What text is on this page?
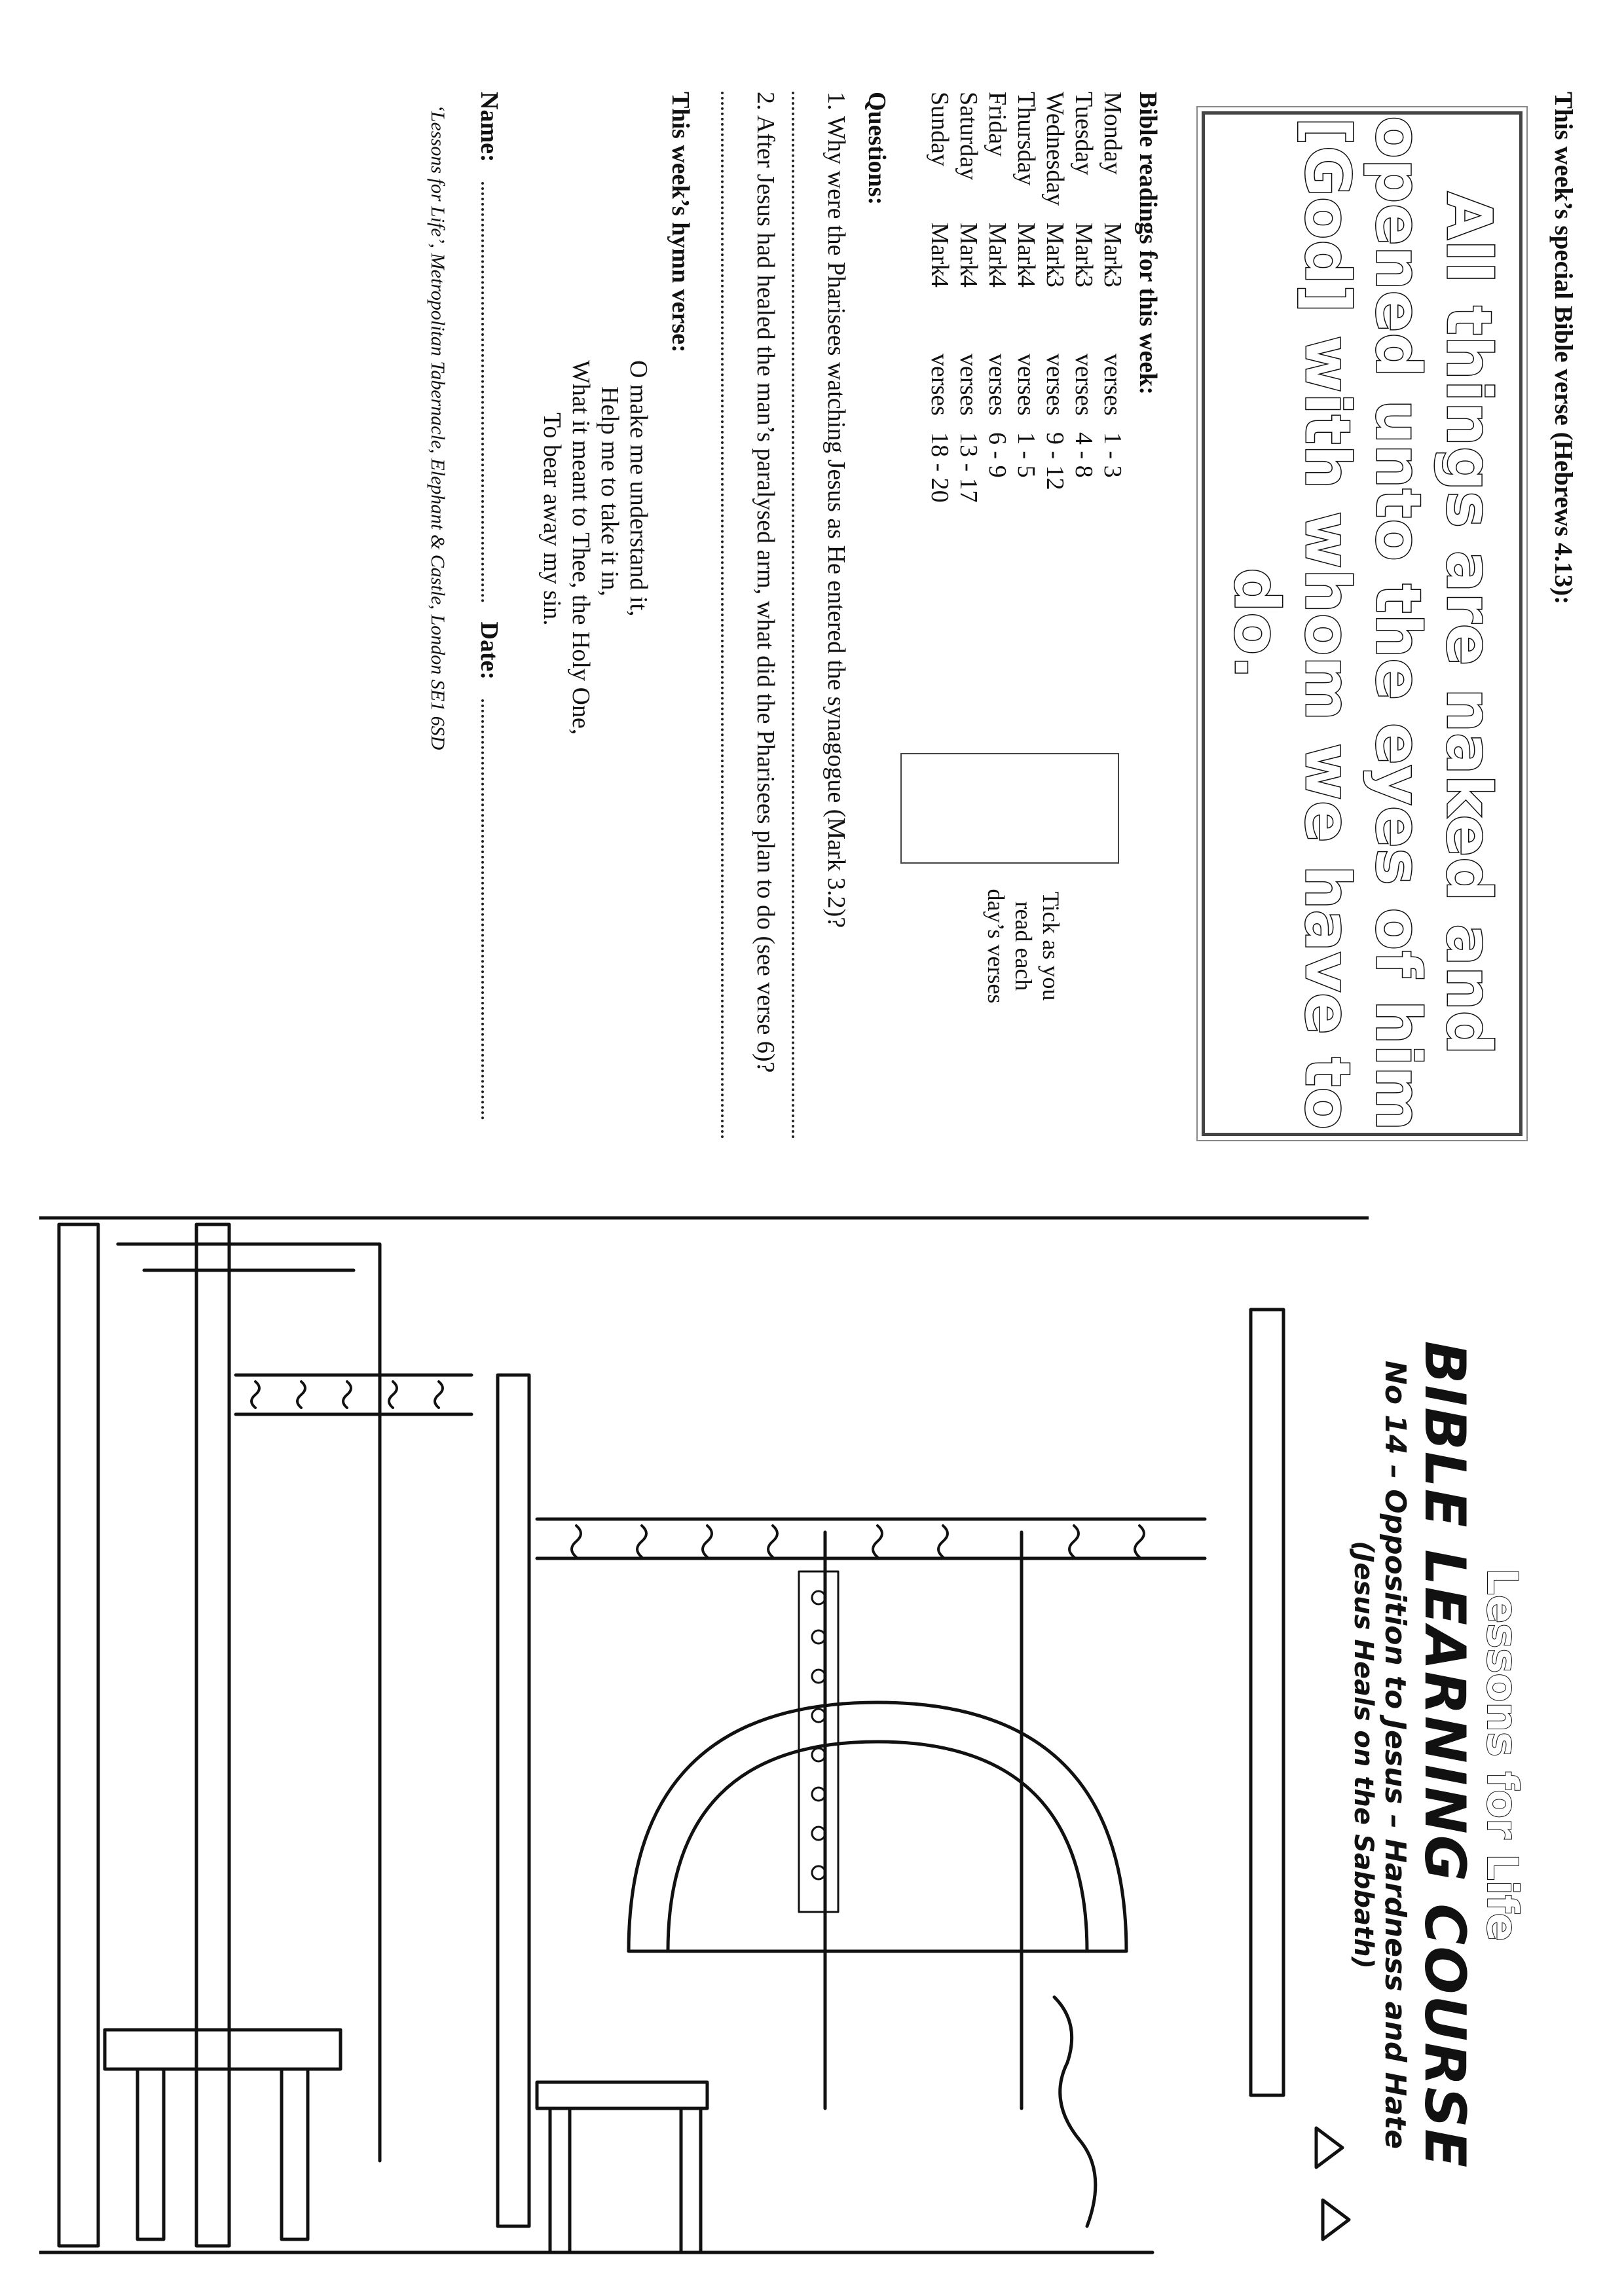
This week’s special Bible verse (Hebrews 4.13):
All things are naked and opened unto the eyes of him [God] with whom we have to do.
Bible readings for this week:
Monday
Mark
3
verses
1 - 3
Tuesday
Mark
3
verses
4 - 8
Wednesday
Mark
3
verses
9 - 12
Thursday
Mark
4
verses
1 - 5
Friday
Mark
4
verses
6 - 9
Saturday
Mark
4
verses
13 - 17
Sunday
Mark
4
verses
18 - 20
Tick as you read each day’s verses
Questions:
1. Why were the Pharisees watching Jesus as He entered the synagogue (Mark 3.2)?
2. After Jesus had healed the man’s paralysed arm, what did the Pharisees plan to do (see verse 6)?
This week’s hymn verse:
O make me understand it,
Help me to take it in,
What it meant to Thee, the Holy One,
To bear away my sin.
Name:
Date:
‘Lessons for Life’, Metropolitan Tabernacle, Elephant & Castle, London SE1 6SD
Lessons for Life
BIBLE LEARNING COURSE
No 14 – Opposition to Jesus – Hardness and Hate
(Jesus Heals on the Sabbath)
